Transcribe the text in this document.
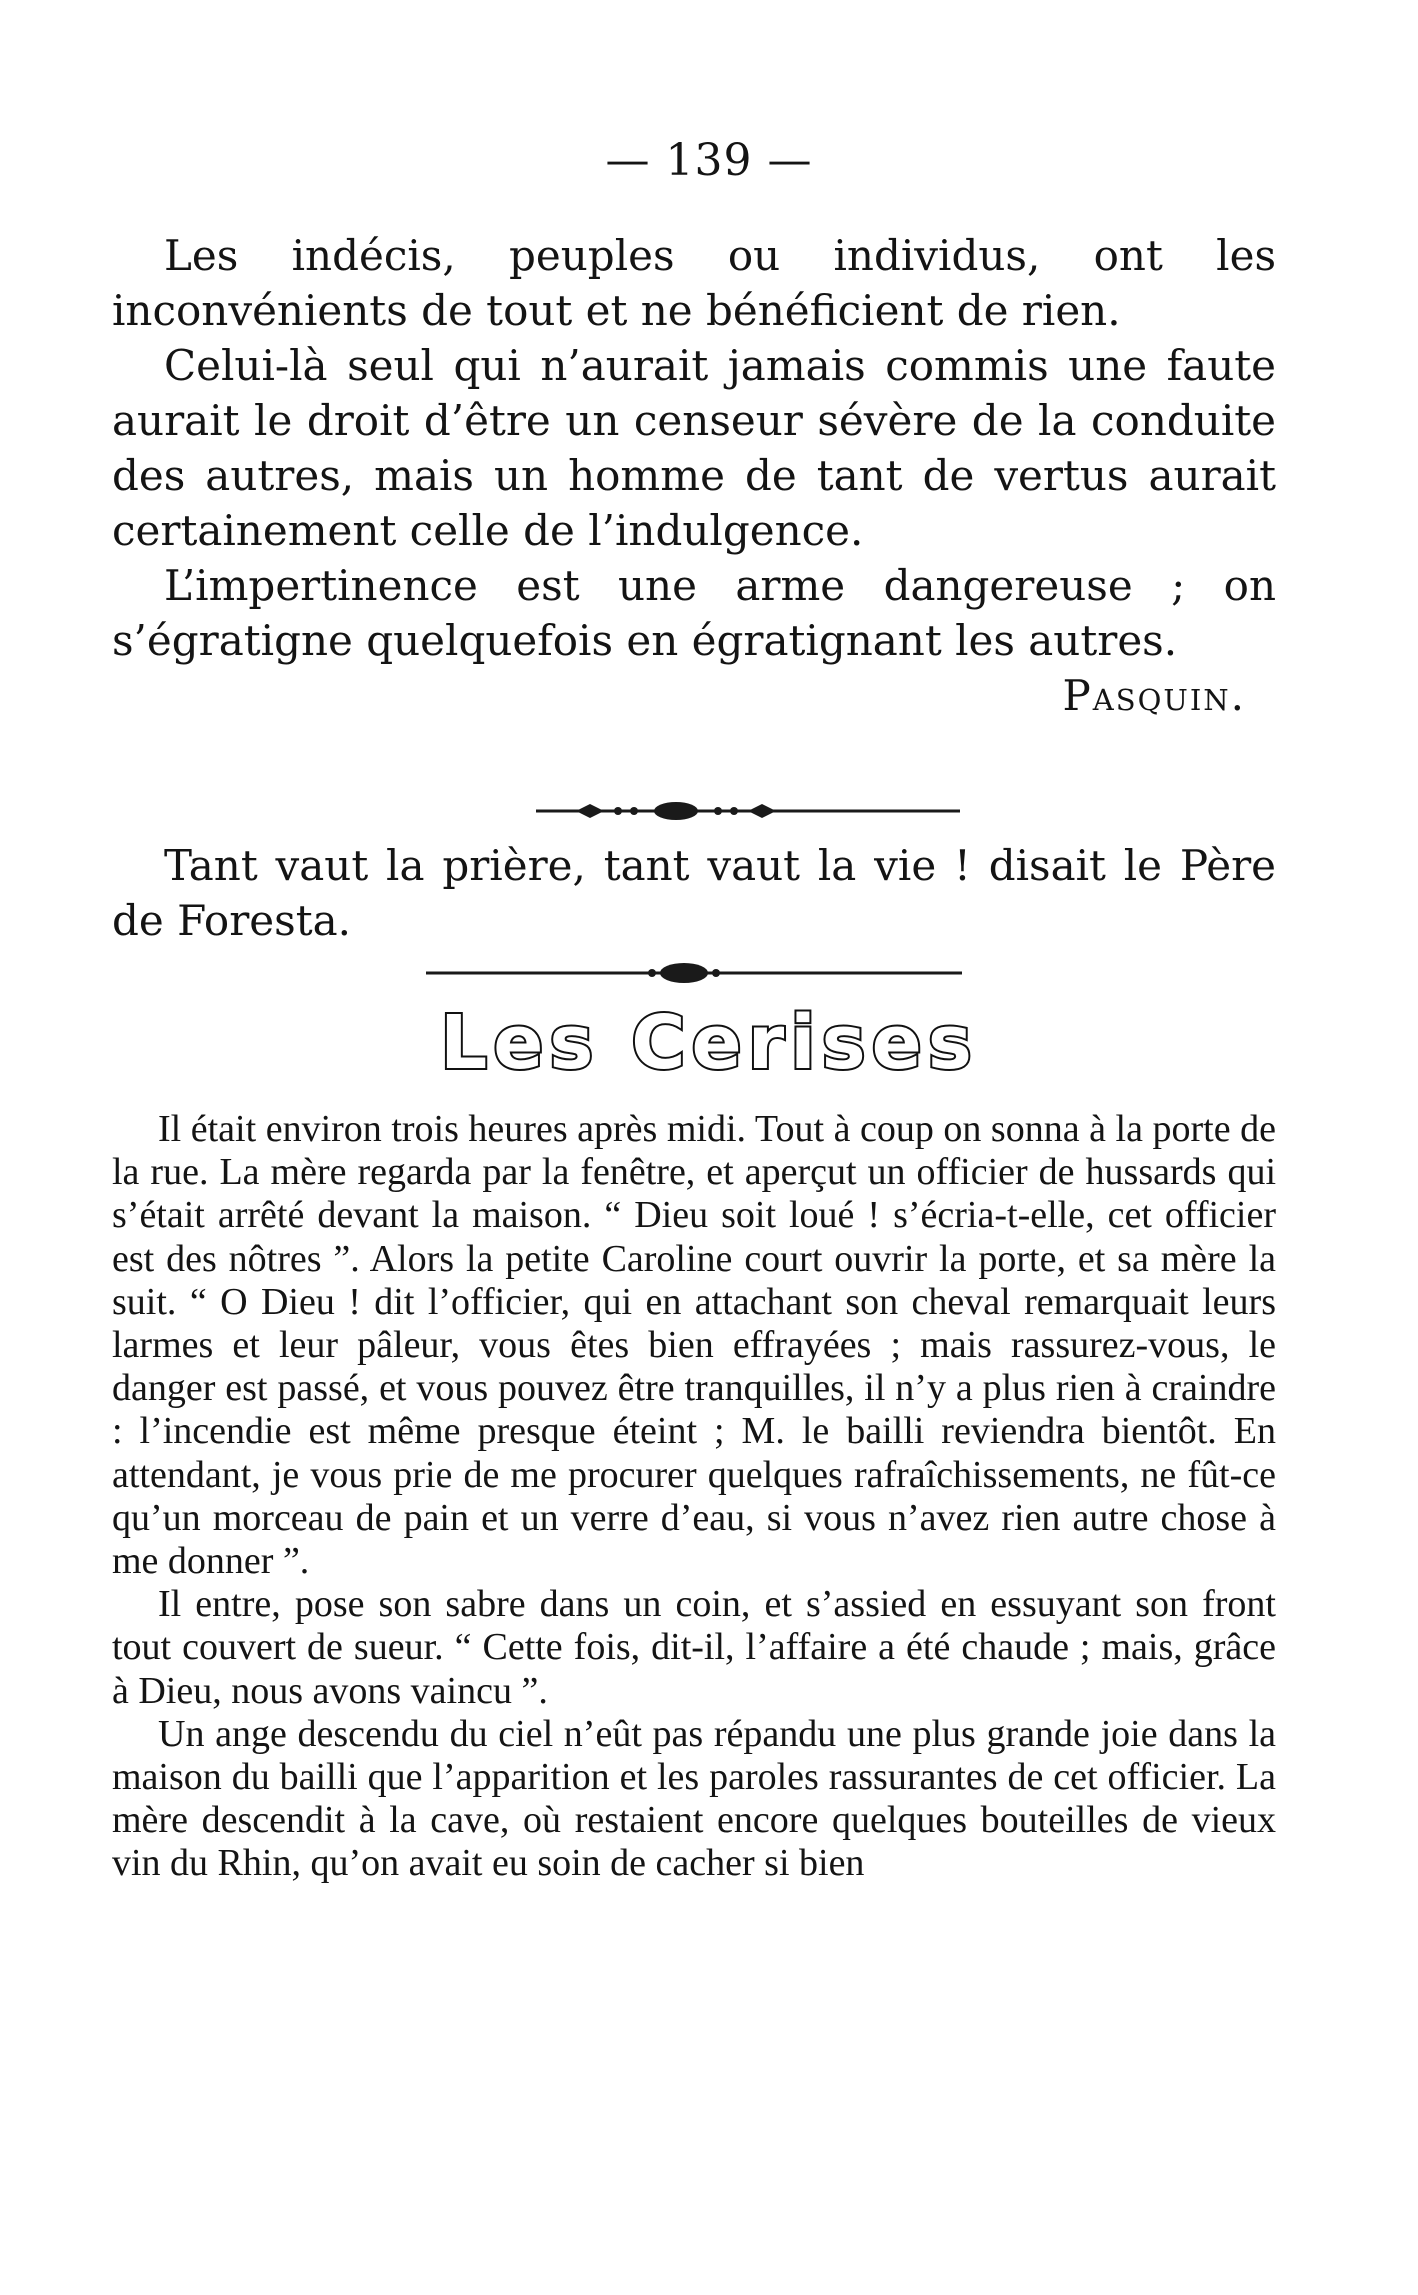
— 139 —

Les indécis, peuples ou individus, ont les inconvénients de tout et ne bénéficient de rien.

Celui-là seul qui n’aurait jamais commis une faute aurait le droit d’être un censeur sévère de la conduite des autres, mais un homme de tant de vertus aurait certainement celle de l’indulgence.

L’impertinence est une arme dangereuse ; on s’égratigne quelquefois en égratignant les autres.

Pasquin.

Tant vaut la prière, tant vaut la vie ! disait le Père de Foresta.

Les Cerises

Il était environ trois heures après midi. Tout à coup on sonna à la porte de la rue. La mère regarda par la fenêtre, et aperçut un officier de hussards qui s’était arrêté devant la maison. “ Dieu soit loué ! s’écria-t-elle, cet officier est des nôtres ”. Alors la petite Caroline court ouvrir la porte, et sa mère la suit. “ O Dieu ! dit l’officier, qui en attachant son cheval remarquait leurs larmes et leur pâleur, vous êtes bien effrayées ; mais rassurez-vous, le danger est passé, et vous pouvez être tranquilles, il n’y a plus rien à craindre : l’incendie est même presque éteint ; M. le bailli reviendra bientôt. En attendant, je vous prie de me procurer quelques rafraîchissements, ne fût-ce qu’un morceau de pain et un verre d’eau, si vous n’avez rien autre chose à me donner ”.

Il entre, pose son sabre dans un coin, et s’assied en essuyant son front tout couvert de sueur. “ Cette fois, dit-il, l’affaire a été chaude ; mais, grâce à Dieu, nous avons vaincu ”.

Un ange descendu du ciel n’eût pas répandu une plus grande joie dans la maison du bailli que l’apparition et les paroles rassurantes de cet officier. La mère descendit à la cave, où restaient encore quelques bouteilles de vieux vin du Rhin, qu’on avait eu soin de cacher si bien
